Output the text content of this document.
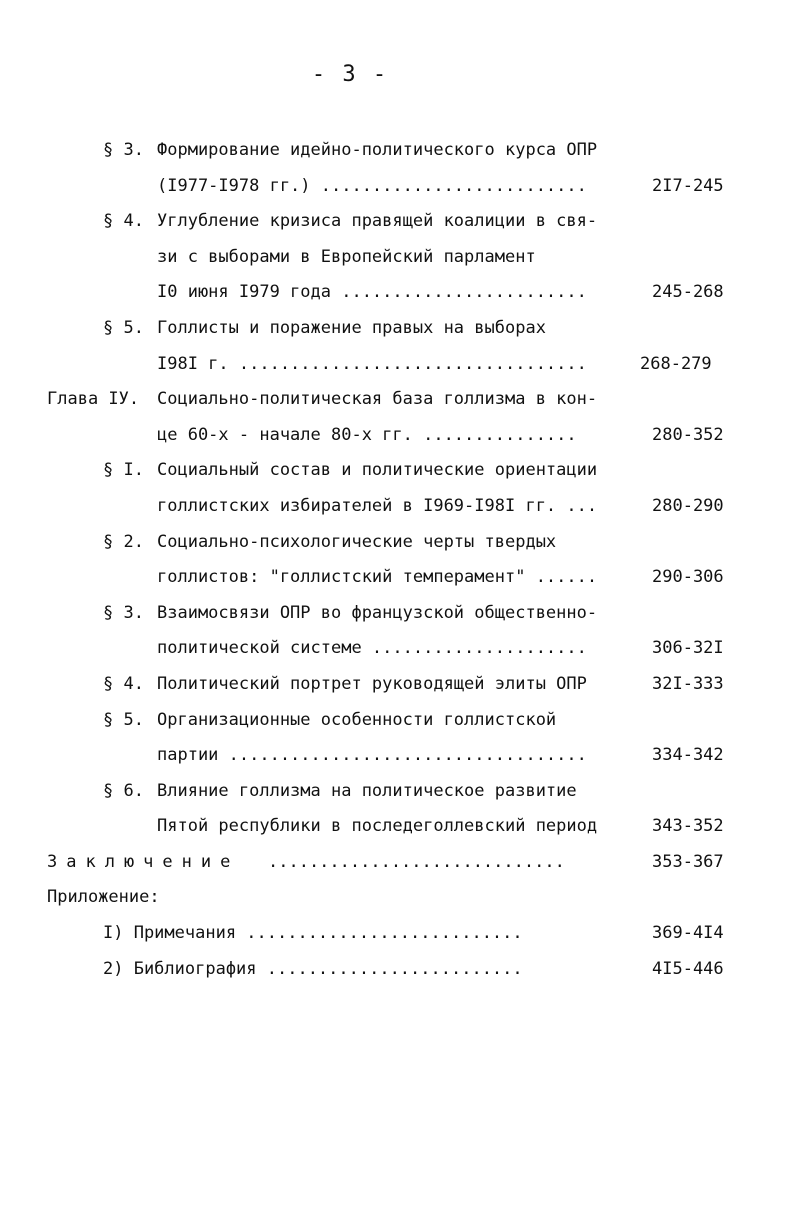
- 3 -
§ 3. Формирование идейно-политического курса ОПР
(I977-I978 гг.) ..........................	2I7-245
§ 4. Углубление кризиса правящей коалиции в свя-
зи с выборами в Европейский парламент
I0 июня I979 года ........................	245-268
§ 5. Голлисты и поражение правых на выборах
I98I г. ..................................	268-279
Глава IУ. Социально-политическая база голлизма в кон-
це 60-х - начале 80-х гг. ...............	280-352
§ I. Социальный состав и политические ориентации
голлистских избирателей в I969-I98I гг. ...	280-290
§ 2. Социально-психологические черты твердых
голлистов: "голлистский темперамент" ......	290-306
§ 3. Взаимосвязи ОПР во французской общественно-
политической системе .....................	306-32I
§ 4. Политический портрет руководящей элиты ОПР	32I-333
§ 5. Организационные особенности голлистской
партии ...................................	334-342
§ 6. Влияние голлизма на политическое развитие
Пятой республики в последеголлевский период	343-352
Заключение .............................	353-367
Приложение:
I) Примечания ...........................	369-4I4
2) Библиография .........................	4I5-446
